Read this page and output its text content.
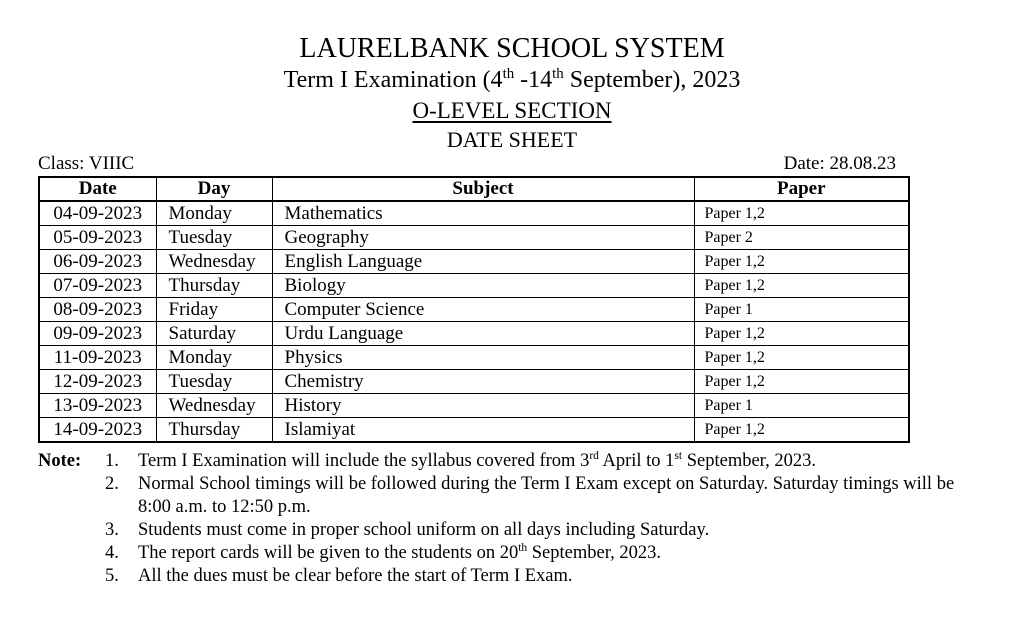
LAURELBANK SCHOOL SYSTEM
Term I Examination (4th -14th September), 2023
O-LEVEL SECTION
DATE SHEET
Class: VIIIC	Date: 28.08.23
Date	Day	Subject	Paper
04-09-2023	Monday	Mathematics	Paper 1,2
05-09-2023	Tuesday	Geography	Paper 2
06-09-2023	Wednesday	English Language	Paper 1,2
07-09-2023	Thursday	Biology	Paper 1,2
08-09-2023	Friday	Computer Science	Paper 1
09-09-2023	Saturday	Urdu Language	Paper 1,2
11-09-2023	Monday	Physics	Paper 1,2
12-09-2023	Tuesday	Chemistry	Paper 1,2
13-09-2023	Wednesday	History	Paper 1
14-09-2023	Thursday	Islamiyat	Paper 1,2
Note:	1.	Term I Examination will include the syllabus covered from 3rd April to 1st September, 2023.
2.	Normal School timings will be followed during the Term I Exam except on Saturday. Saturday timings will be 8:00 a.m. to 12:50 p.m.
3.	Students must come in proper school uniform on all days including Saturday.
4.	The report cards will be given to the students on 20th September, 2023.
5.	All the dues must be clear before the start of Term I Exam.
